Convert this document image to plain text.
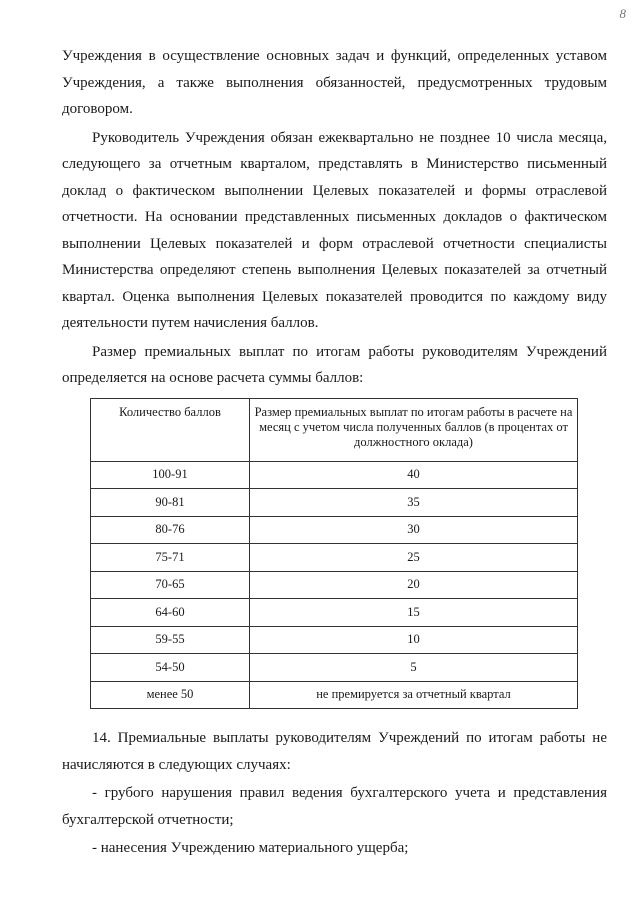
8

Учреждения в осуществление основных задач и функций, определенных уставом Учреждения, а также выполнения обязанностей, предусмотренных трудовым договором.

Руководитель Учреждения обязан ежеквартально не позднее 10 числа месяца, следующего за отчетным кварталом, представлять в Министерство письменный доклад о фактическом выполнении Целевых показателей и формы отраслевой отчетности. На основании представленных письменных докладов о фактическом выполнении Целевых показателей и форм отраслевой отчетности специалисты Министерства определяют степень выполнения Целевых показателей за отчетный квартал. Оценка выполнения Целевых показателей проводится по каждому виду деятельности путем начисления баллов.

Размер премиальных выплат по итогам работы руководителям Учреждений определяется на основе расчета суммы баллов:

Количество баллов	Размер премиальных выплат по итогам работы в расчете на месяц с учетом числа полученных баллов (в процентах от должностного оклада)
100-91	40
90-81	35
80-76	30
75-71	25
70-65	20
64-60	15
59-55	10
54-50	5
менее 50	не премируется за отчетный квартал

14. Премиальные выплаты руководителям Учреждений по итогам работы не начисляются в следующих случаях:

- грубого нарушения правил ведения бухгалтерского учета и представления бухгалтерской отчетности;

- нанесения Учреждению материального ущерба;
